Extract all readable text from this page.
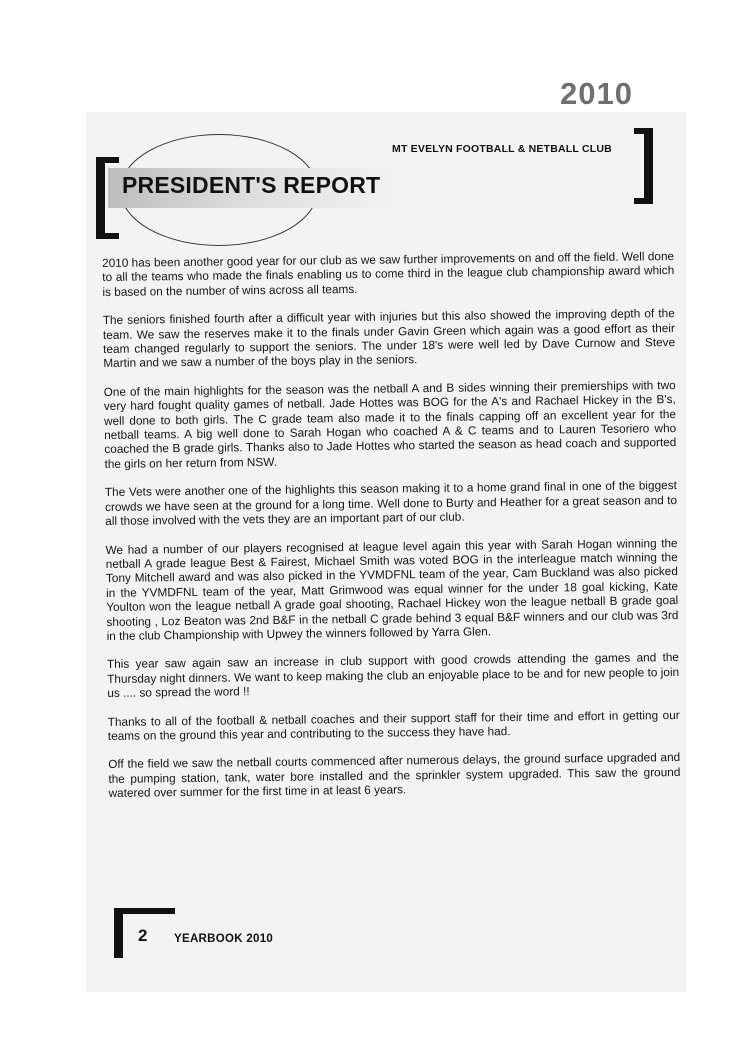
2010
MT EVELYN FOOTBALL & NETBALL CLUB
PRESIDENT'S REPORT

2010 has been another good year for our club as we saw further improvements on and off the field. Well done to all the teams who made the finals enabling us to come third in the league club championship award which is based on the number of wins across all teams.

The seniors finished fourth after a difficult year with injuries but this also showed the improving depth of the team. We saw the reserves make it to the finals under Gavin Green which again was a good effort as their team changed regularly to support the seniors. The under 18's were well led by Dave Curnow and Steve Martin and we saw a number of the boys play in the seniors.

One of the main highlights for the season was the netball A and B sides winning their premierships with two very hard fought quality games of netball. Jade Hottes was BOG for the A's and Rachael Hickey in the B's, well done to both girls. The C grade team also made it to the finals capping off an excellent year for the netball teams. A big well done to Sarah Hogan who coached A & C teams and to Lauren Tesoriero who coached the B grade girls. Thanks also to Jade Hottes who started the season as head coach and supported the girls on her return from NSW.

The Vets were another one of the highlights this season making it to a home grand final in one of the biggest crowds we have seen at the ground for a long time. Well done to Burty and Heather for a great season and to all those involved with the vets they are an important part of our club.

We had a number of our players recognised at league level again this year with Sarah Hogan winning the netball A grade league Best & Fairest, Michael Smith was voted BOG in the interleague match winning the Tony Mitchell award and was also picked in the YVMDFNL team of the year, Cam Buckland was also picked in the YVMDFNL team of the year, Matt Grimwood was equal winner for the under 18 goal kicking, Kate Youlton won the league netball A grade goal shooting, Rachael Hickey won the league netball B grade goal shooting , Loz Beaton was 2nd B&F in the netball C grade behind 3 equal B&F winners and our club was 3rd in the club Championship with Upwey the winners followed by Yarra Glen.

This year saw again saw an increase in club support with good crowds attending the games and the Thursday night dinners. We want to keep making the club an enjoyable place to be and for new people to join us .... so spread the word !!

Thanks to all of the football & netball coaches and their support staff for their time and effort in getting our teams on the ground this year and contributing to the success they have had.

Off the field we saw the netball courts commenced after numerous delays, the ground surface upgraded and the pumping station, tank, water bore installed and the sprinkler system upgraded. This saw the ground watered over summer for the first time in at least 6 years.

2 YEARBOOK 2010
